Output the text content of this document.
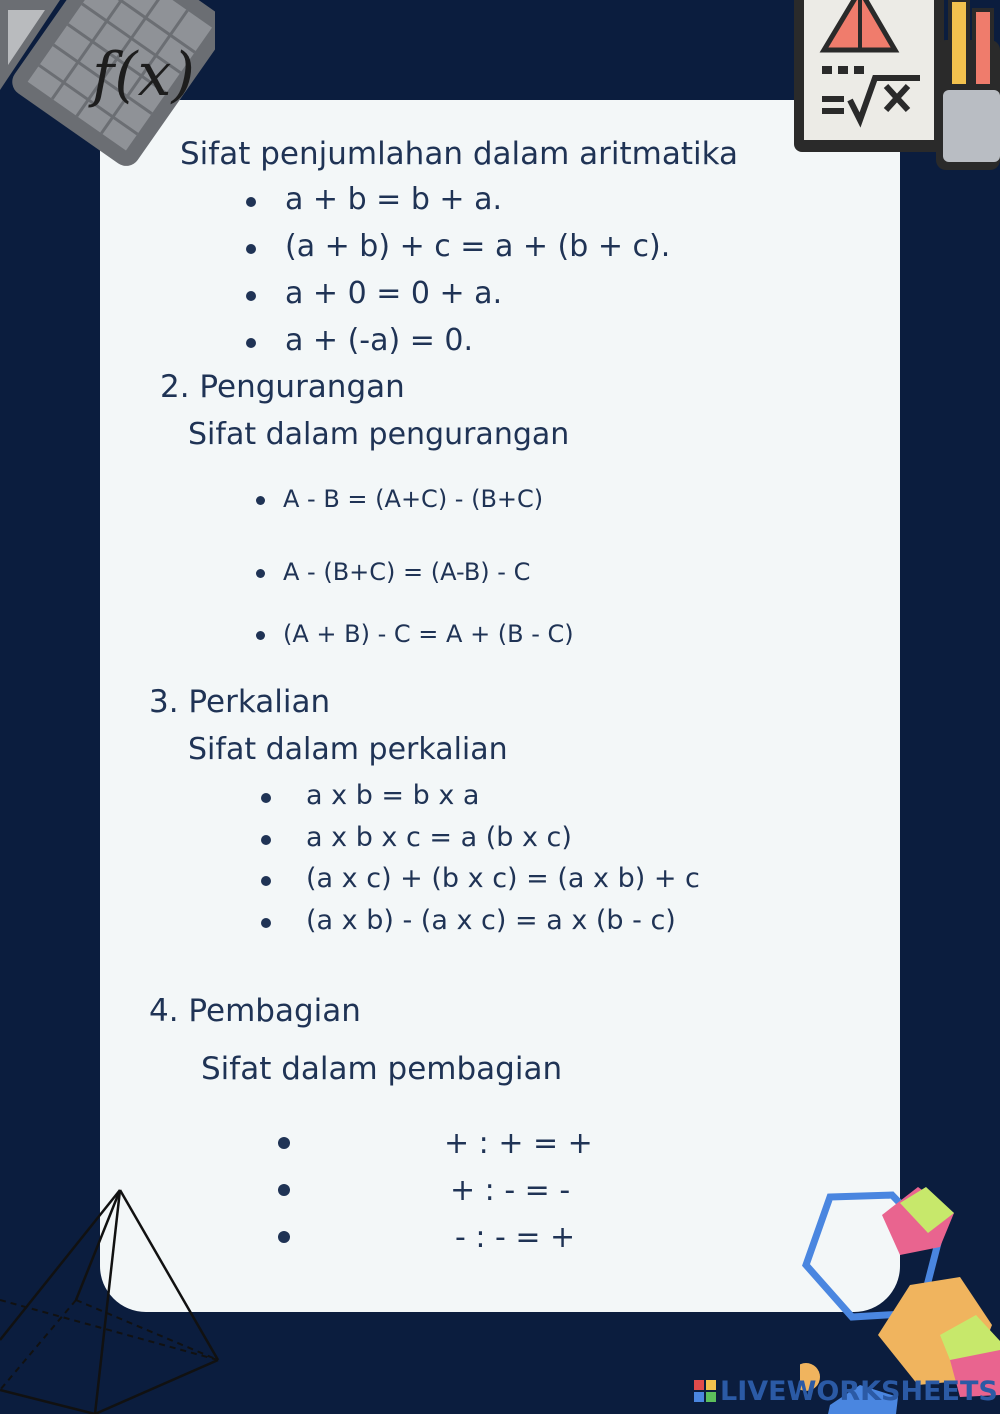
f(x)
Sifat penjumlahan dalam aritmatika
a + b = b + a.
(a + b) + c = a + (b + c).
a + 0 = 0 + a.
a + (-a) = 0.
2. Pengurangan
Sifat dalam pengurangan
A - B = (A+C) - (B+C)
A - (B+C) = (A-B) - C
(A + B) - C = A + (B - C)
3. Perkalian
Sifat dalam perkalian
a x b = b x a
a x b x c = a (b x c)
(a x c) + (b x c) = (a x b) + c
(a x b) - (a x c) = a x (b - c)
4. Pembagian
Sifat dalam pembagian
+ : + = +
+ : - = -
- : - = +
LIVEWORKSHEETS
